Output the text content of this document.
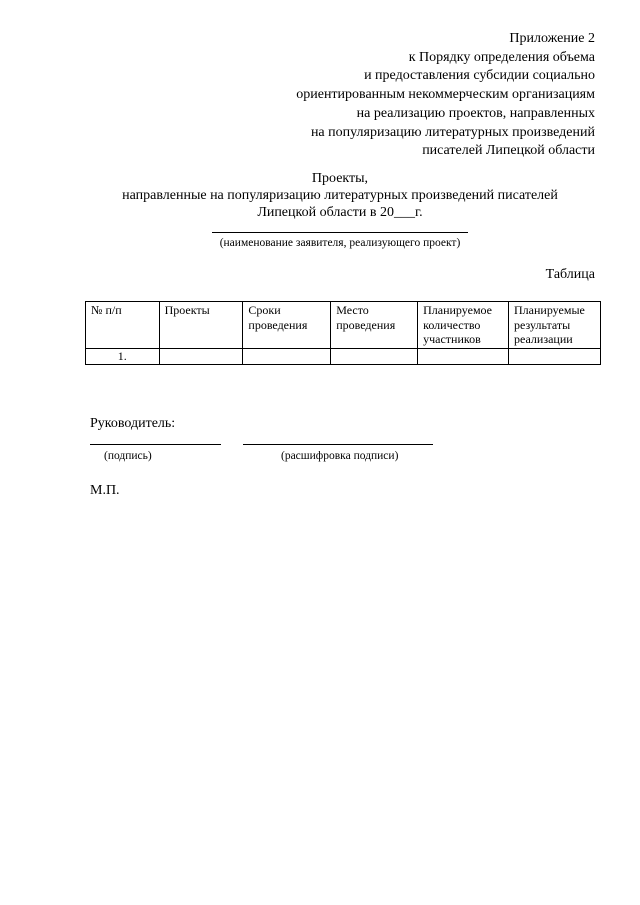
Приложение 2
к Порядку определения объема
и предоставления субсидии социально
ориентированным некоммерческим организациям
на реализацию проектов, направленных
на популяризацию литературных произведений
писателей Липецкой области
Проекты,
направленные на популяризацию литературных произведений писателей
Липецкой области в 20___г.
(наименование заявителя, реализующего проект)
Таблица
№ п/п	Проекты	Сроки проведения	Место проведения	Планируемое количество участников	Планируемые результаты реализации
1.					
Руководитель:
(подпись)	(расшифровка подписи)
М.П.
